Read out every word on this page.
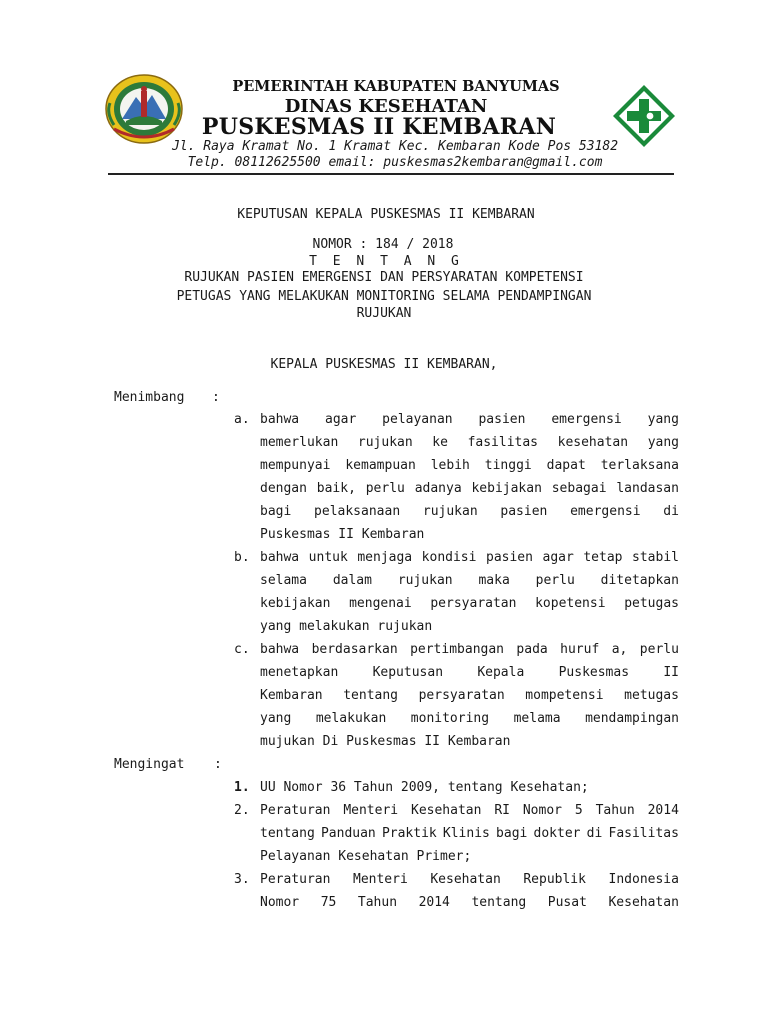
PEMERINTAH KABUPATEN BANYUMAS
DINAS KESEHATAN
PUSKESMAS II KEMBARAN
Jl. Raya Kramat No. 1 Kramat Kec. Kembaran Kode Pos 53182
Telp. 08112625500 email: puskesmas2kembaran@gmail.com
KEPUTUSAN KEPALA PUSKESMAS II KEMBARAN
NOMOR : 184 / 2018
T E N T A N G
RUJUKAN PASIEN EMERGENSI DAN PERSYARATAN KOMPETENSI
PETUGAS YANG MELAKUKAN MONITORING SELAMA PENDAMPINGAN
RUJUKAN
KEPALA PUSKESMAS II KEMBARAN,
Menimbang :
a. bahwa agar pelayanan pasien emergensi yang
memerlukan rujukan ke fasilitas kesehatan yang
mempunyai kemampuan lebih tinggi dapat terlaksana
dengan baik, perlu adanya kebijakan sebagai landasan
bagi pelaksanaan rujukan pasien emergensi di
Puskesmas II Kembaran
b. bahwa untuk menjaga kondisi pasien agar tetap stabil
selama dalam rujukan maka perlu ditetapkan
kebijakan mengenai persyaratan kopetensi petugas
yang melakukan rujukan
c. bahwa berdasarkan pertimbangan pada huruf a, perlu
menetapkan	Keputusan	Kepala	Puskesmas	II
Kembaran tentang persyaratan mompetensi metugas
yang melakukan monitoring melama mendampingan
mujukan Di Puskesmas II Kembaran
Mengingat :
1. UU Nomor 36 Tahun 2009, tentang Kesehatan;
2. Peraturan Menteri Kesehatan RI Nomor 5 Tahun 2014
tentang Panduan Praktik Klinis bagi dokter di Fasilitas
Pelayanan Kesehatan Primer;
3. Peraturan Menteri Kesehatan Republik Indonesia
Nomor 75 Tahun 2014 tentang Pusat Kesehatan
